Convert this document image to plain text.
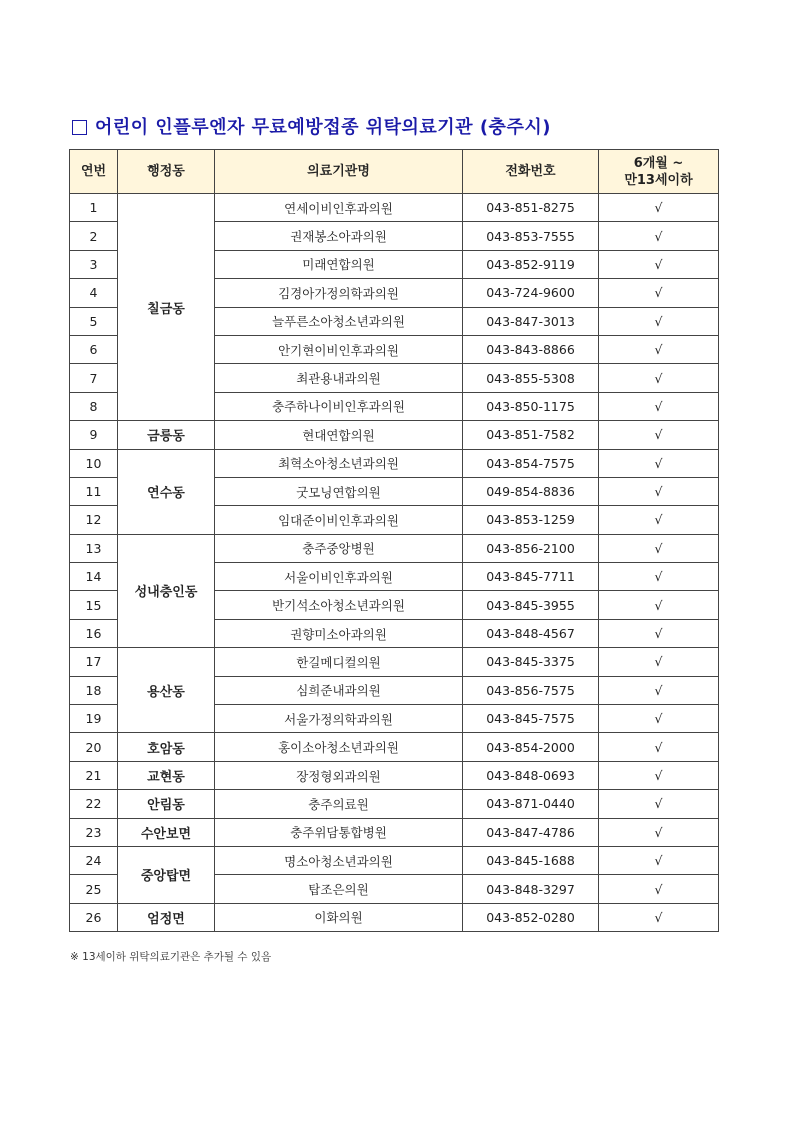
어린이 인플루엔자 무료예방접종 위탁의료기관 (충주시)
연번	행정동	의료기관명	전화번호	6개월 ~
만13세이하
1	칠금동	연세이비인후과의원	043-851-8275	√
2		권재봉소아과의원	043-853-7555	√
3		미래연합의원	043-852-9119	√
4		김경아가정의학과의원	043-724-9600	√
5		늘푸른소아청소년과의원	043-847-3013	√
6		안기현이비인후과의원	043-843-8866	√
7		최관용내과의원	043-855-5308	√
8		충주하나이비인후과의원	043-850-1175	√
9	금릉동	현대연합의원	043-851-7582	√
10	연수동	최혁소아청소년과의원	043-854-7575	√
11		굿모닝연합의원	049-854-8836	√
12		임대준이비인후과의원	043-853-1259	√
13	성내충인동	충주중앙병원	043-856-2100	√
14		서울이비인후과의원	043-845-7711	√
15		반기석소아청소년과의원	043-845-3955	√
16		권향미소아과의원	043-848-4567	√
17	용산동	한길메디컬의원	043-845-3375	√
18		심희준내과의원	043-856-7575	√
19		서울가정의학과의원	043-845-7575	√
20	호암동	홍이소아청소년과의원	043-854-2000	√
21	교현동	장정형외과의원	043-848-0693	√
22	안림동	충주의료원	043-871-0440	√
23	수안보면	충주위담통합병원	043-847-4786	√
24	중앙탑면	명소아청소년과의원	043-845-1688	√
25		탑조은의원	043-848-3297	√
26	엄정면	이화의원	043-852-0280	√
※ 13세이하 위탁의료기관은 추가될 수 있음
